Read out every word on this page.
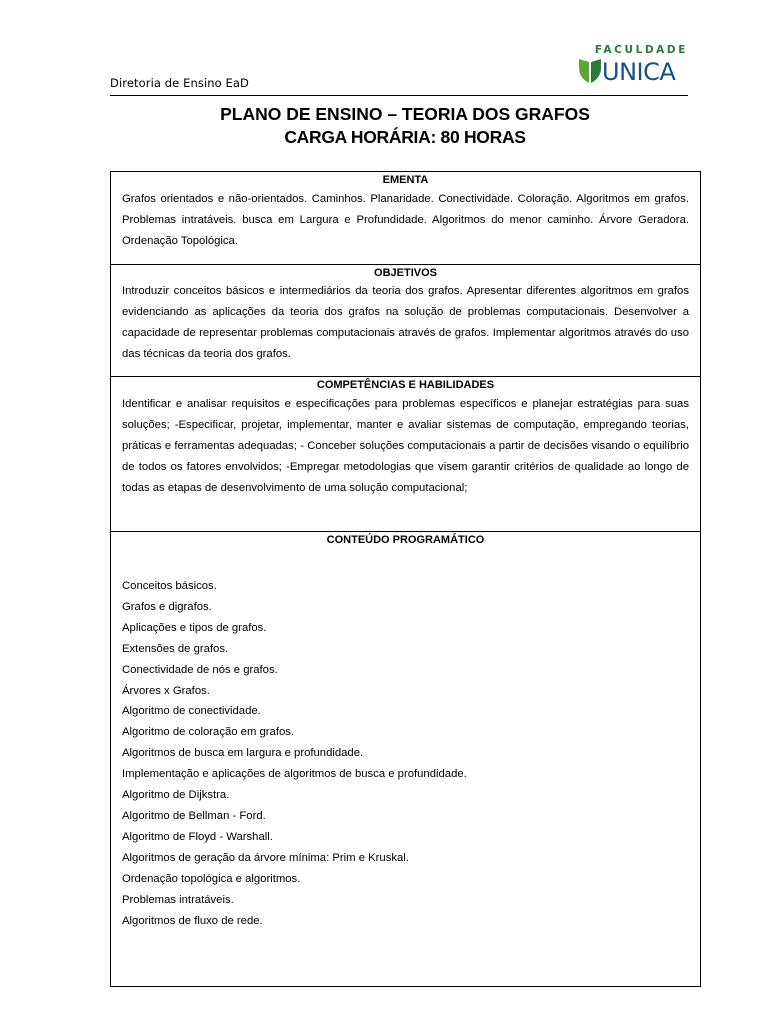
Diretoria de Ensino EaD
FACULDADE
UNICA
PLANO DE ENSINO – TEORIA DOS GRAFOS
CARGA HORÁRIA: 80 HORAS
EMENTA
Grafos orientados e não-orientados. Caminhos. Planaridade. Conectividade. Coloração. Algoritmos em grafos. Problemas intratáveis. busca em Largura e Profundidade. Algoritmos do menor caminho. Árvore Geradora. Ordenação Topológica.
OBJETIVOS
Introduzir conceitos básicos e intermediários da teoria dos grafos. Apresentar diferentes algoritmos em grafos evidenciando as aplicações da teoria dos grafos na solução de problemas computacionais. Desenvolver a capacidade de representar problemas computacionais através de grafos. Implementar algoritmos através do uso das técnicas da teoria dos grafos.
COMPETÊNCIAS E HABILIDADES
Identificar e analisar requisitos e especificações para problemas específicos e planejar estratégias para suas soluções; -Especificar, projetar, implementar, manter e avaliar sistemas de computação, empregando teorias, práticas e ferramentas adequadas; - Conceber soluções computacionais a partir de decisões visando o equilíbrio de todos os fatores envolvidos; -Empregar metodologias que visem garantir critérios de qualidade ao longo de todas as etapas de desenvolvimento de uma solução computacional;
CONTEÚDO PROGRAMÁTICO
Conceitos básicos.
Grafos e digrafos.
Aplicações e tipos de grafos.
Extensões de grafos.
Conectividade de nós e grafos.
Árvores x Grafos.
Algoritmo de conectividade.
Algoritmo de coloração em grafos.
Algoritmos de busca em largura e profundidade.
Implementação e aplicações de algoritmos de busca e profundidade.
Algoritmo de Dijkstra.
Algoritmo de Bellman - Ford.
Algoritmo de Floyd - Warshall.
Algoritmos de geração da árvore mínima: Prim e Kruskal.
Ordenação topológica e algoritmos.
Problemas intratáveis.
Algoritmos de fluxo de rede.
